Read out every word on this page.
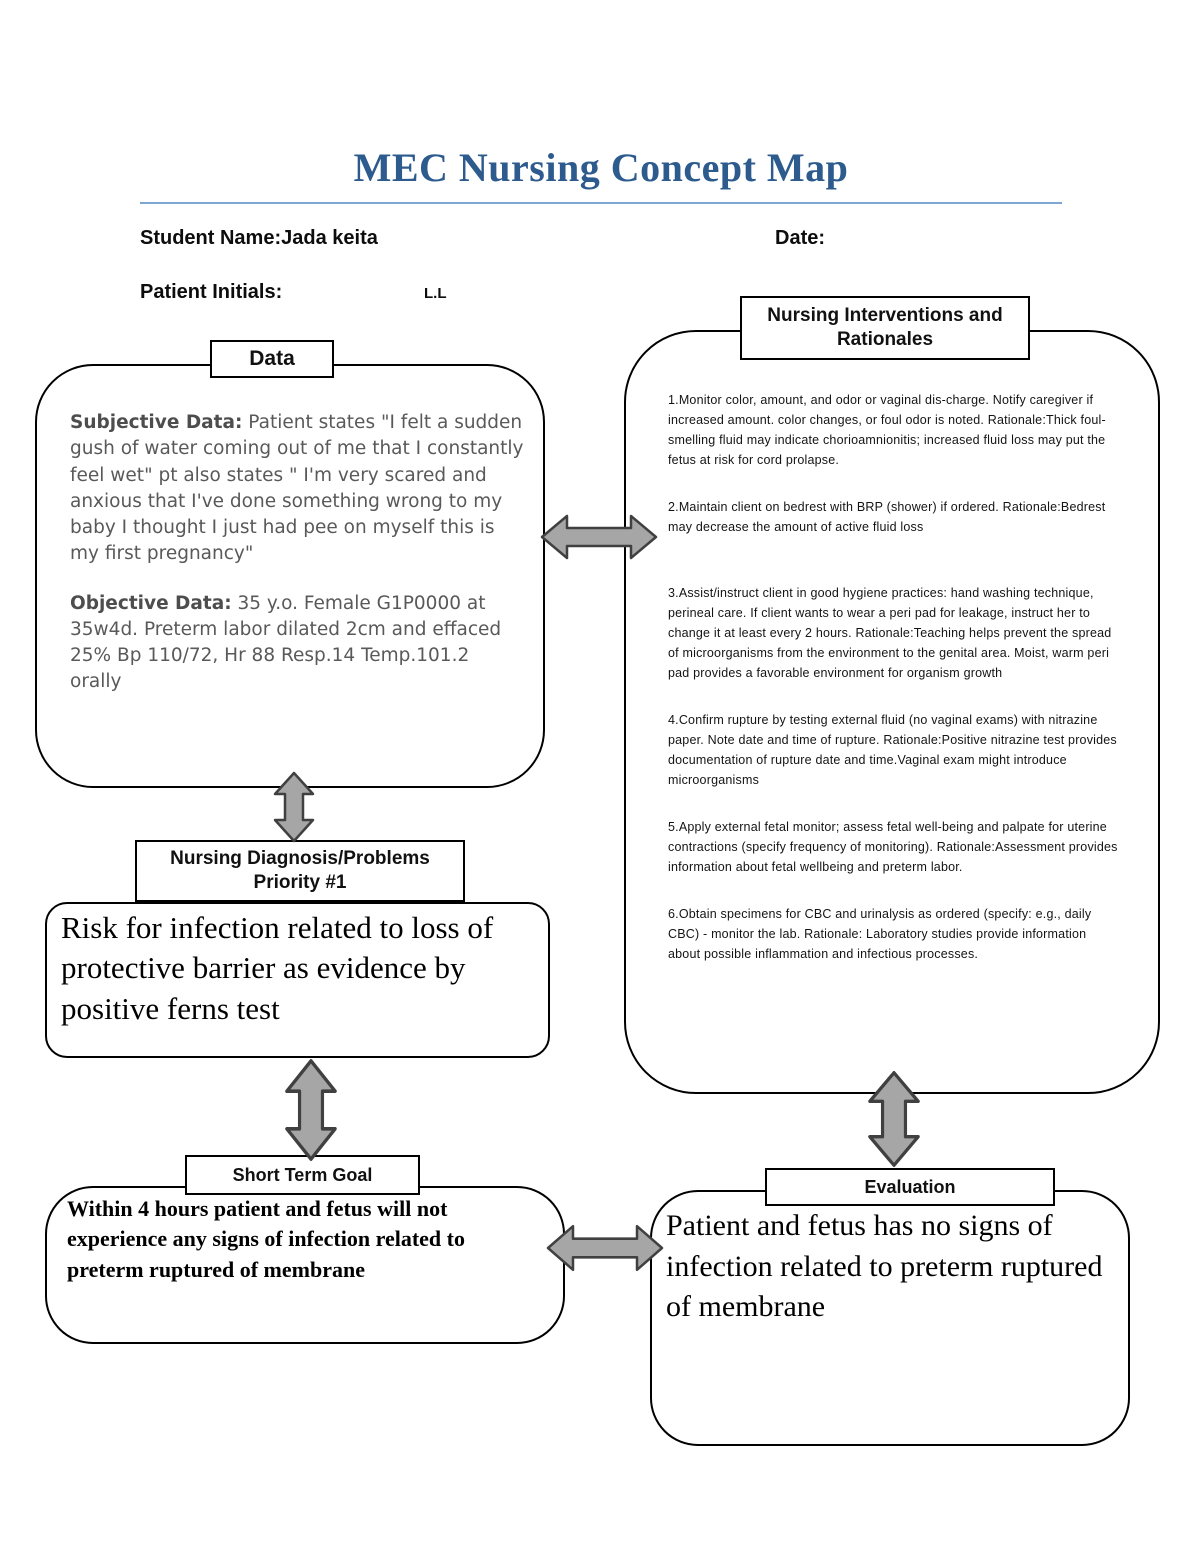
MEC Nursing Concept Map
Student Name:Jada keita	Date:
Patient Initials:	L.L

Subjective Data: Patient states "I felt a sudden gush of water coming out of me that I constantly feel wet" pt also states " I'm very scared and anxious that I've done something wrong to my baby I thought I just had pee on myself this is my first pregnancy"

Objective Data: 35 y.o. Female G1P0000 at 35w4d. Preterm labor dilated 2cm and effaced 25% Bp 110/72, Hr 88 Resp.14 Temp.101.2 orally

Data
1.Monitor color, amount, and odor or vaginal dis-charge. Notify caregiver if increased amount. color changes, or foul odor is noted. Rationale:Thick foul-smelling fluid may indicate chorioamnionitis; increased fluid loss may put the fetus at risk for cord prolapse.
2.Maintain client on bedrest with BRP (shower) if ordered. Rationale:Bedrest may decrease the amount of active fluid loss
3.Assist/instruct client in good hygiene practices: hand washing technique, perineal care. If client wants to wear a peri pad for leakage, instruct her to change it at least every 2 hours. Rationale:Teaching helps prevent the spread of microorganisms from the environment to the genital area. Moist, warm peri pad provides a favorable environment for organism growth
4.Confirm rupture by testing external fluid (no vaginal exams) with nitrazine paper. Note date and time of rupture. Rationale:Positive nitrazine test provides documentation of rupture date and time.Vaginal exam might introduce microorganisms
5.Apply external fetal monitor; assess fetal well-being and palpate for uterine contractions (specify frequency of monitoring). Rationale:Assessment provides information about fetal wellbeing and preterm labor.
6.Obtain specimens for CBC and urinalysis as ordered (specify: e.g., daily CBC) - monitor the lab. Rationale: Laboratory studies provide information about possible inflammation and infectious processes.
Nursing Interventions and Rationales
Risk for infection related to loss of protective barrier as evidence by positive ferns test
Nursing Diagnosis/Problems
Priority #1
Within 4 hours patient and fetus will not experience any signs of infection related to preterm ruptured of membrane
Short Term Goal
Patient and fetus has no signs of infection related to preterm ruptured of membrane
Evaluation
